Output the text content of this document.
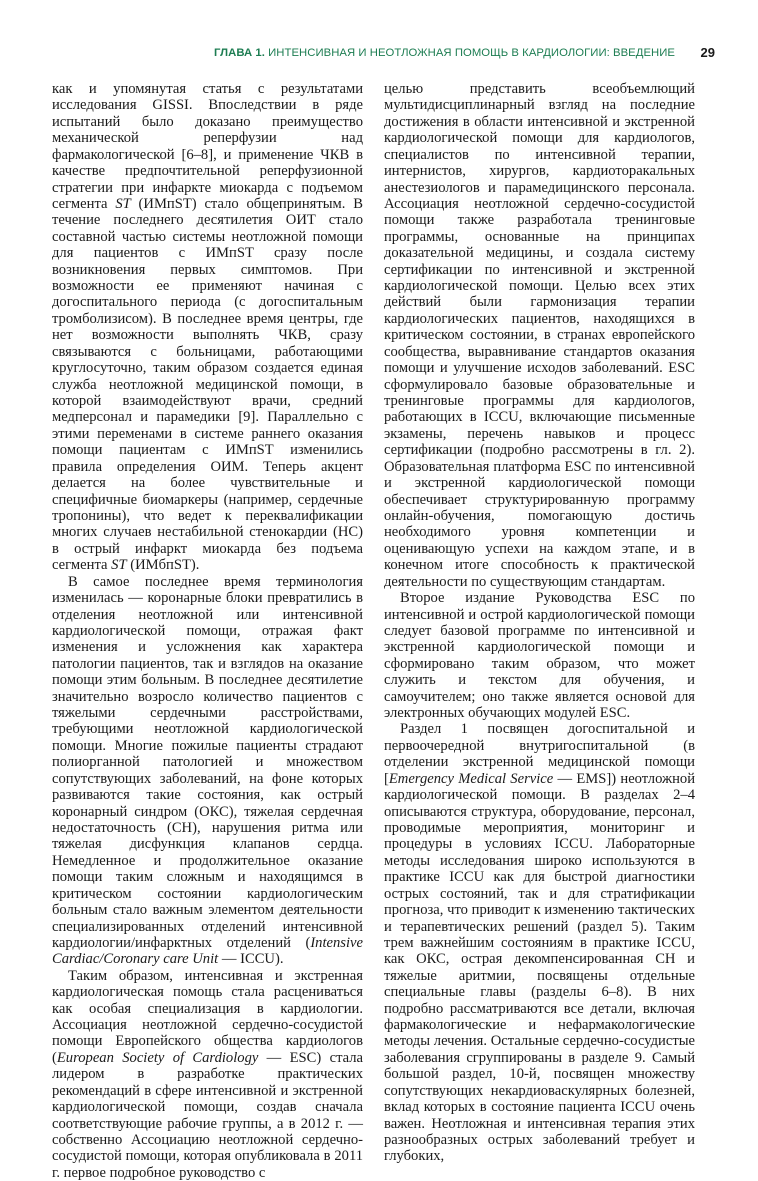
ГЛАВА 1. ИНТЕНСИВНАЯ И НЕОТЛОЖНАЯ ПОМОЩЬ В КАРДИОЛОГИИ: ВВЕДЕНИЕ 29

как и упомянутая статья с результатами исследования GISSI. Впоследствии в ряде испытаний было доказано преимущество механической реперфузии над фармакологической [6–8], и применение ЧКВ в качестве предпочтительной реперфузионной стратегии при инфаркте миокарда с подъемом сегмента ST (ИМпST) стало общепринятым. В течение последнего десятилетия ОИТ стало составной частью системы неотложной помощи для пациентов с ИМпST сразу после возникновения первых симптомов. При возможности ее применяют начиная с догоспитального периода (с догоспитальным тромболизисом). В последнее время центры, где нет возможности выполнять ЧКВ, сразу связываются с больницами, работающими круглосуточно, таким образом создается единая служба неотложной медицинской помощи, в которой взаимодействуют врачи, средний медперсонал и парамедики [9]. Параллельно с этими переменами в системе раннего оказания помощи пациентам с ИМпST изменились правила определения ОИМ. Теперь акцент делается на более чувствительные и специфичные биомаркеры (например, сердечные тропонины), что ведет к переквалификации многих случаев нестабильной стенокардии (НС) в острый инфаркт миокарда без подъема сегмента ST (ИМбпST).

В самое последнее время терминология изменилась — коронарные блоки превратились в отделения неотложной или интенсивной кардиологической помощи, отражая факт изменения и усложнения как характера патологии пациентов, так и взглядов на оказание помощи этим больным. В последнее десятилетие значительно возросло количество пациентов с тяжелыми сердечными расстройствами, требующими неотложной кардиологической помощи. Многие пожилые пациенты страдают полиорганной патологией и множеством сопутствующих заболеваний, на фоне которых развиваются такие состояния, как острый коронарный синдром (ОКС), тяжелая сердечная недостаточность (СН), нарушения ритма или тяжелая дисфункция клапанов сердца. Немедленное и продолжительное оказание помощи таким сложным и находящимся в критическом состоянии кардиологическим больным стало важным элементом деятельности специализированных отделений интенсивной кардиологии/инфарктных отделений (Intensive Cardiac/Coronary care Unit — ICCU).

Таким образом, интенсивная и экстренная кардиологическая помощь стала расцениваться как особая специализация в кардиологии. Ассоциация неотложной сердечно-сосудистой помощи Европейского общества кардиологов (European Society of Cardiology — ESC) стала лидером в разработке практических рекомендаций в сфере интенсивной и экстренной кардиологической помощи, создав сначала соответствующие рабочие группы, а в 2012 г. — собственно Ассоциацию неотложной сердечно-сосудистой помощи, которая опубликовала в 2011 г. первое подробное руководство с

целью представить всеобъемлющий мультидисциплинарный взгляд на последние достижения в области интенсивной и экстренной кардиологической помощи для кардиологов, специалистов по интенсивной терапии, интернистов, хирургов, кардиоторакальных анестезиологов и парамедицинского персонала. Ассоциация неотложной сердечно-сосудистой помощи также разработала тренинговые программы, основанные на принципах доказательной медицины, и создала систему сертификации по интенсивной и экстренной кардиологической помощи. Целью всех этих действий были гармонизация терапии кардиологических пациентов, находящихся в критическом состоянии, в странах европейского сообщества, выравнивание стандартов оказания помощи и улучшение исходов заболеваний. ESC сформулировало базовые образовательные и тренинговые программы для кардиологов, работающих в ICCU, включающие письменные экзамены, перечень навыков и процесс сертификации (подробно рассмотрены в гл. 2). Образовательная платформа ESC по интенсивной и экстренной кардиологической помощи обеспечивает структурированную программу онлайн-обучения, помогающую достичь необходимого уровня компетенции и оценивающую успехи на каждом этапе, и в конечном итоге способность к практической деятельности по существующим стандартам.

Второе издание Руководства ESC по интенсивной и острой кардиологической помощи следует базовой программе по интенсивной и экстренной кардиологической помощи и сформировано таким образом, что может служить и текстом для обучения, и самоучителем; оно также является основой для электронных обучающих модулей ESC.

Раздел 1 посвящен догоспитальной и первоочередной внутригоспитальной (в отделении экстренной медицинской помощи [Emergency Medical Service — EMS]) неотложной кардиологической помощи. В разделах 2–4 описываются структура, оборудование, персонал, проводимые мероприятия, мониторинг и процедуры в условиях ICCU. Лабораторные методы исследования широко используются в практике ICCU как для быстрой диагностики острых состояний, так и для стратификации прогноза, что приводит к изменению тактических и терапевтических решений (раздел 5). Таким трем важнейшим состояниям в практике ICCU, как ОКС, острая декомпенсированная СН и тяжелые аритмии, посвящены отдельные специальные главы (разделы 6–8). В них подробно рассматриваются все детали, включая фармакологические и нефармакологические методы лечения. Остальные сердечно-сосудистые заболевания сгруппированы в разделе 9. Самый большой раздел, 10-й, посвящен множеству сопутствующих некардиоваскулярных болезней, вклад которых в состояние пациента ICCU очень важен. Неотложная и интенсивная терапия этих разнообразных острых заболеваний требует и глубоких,
